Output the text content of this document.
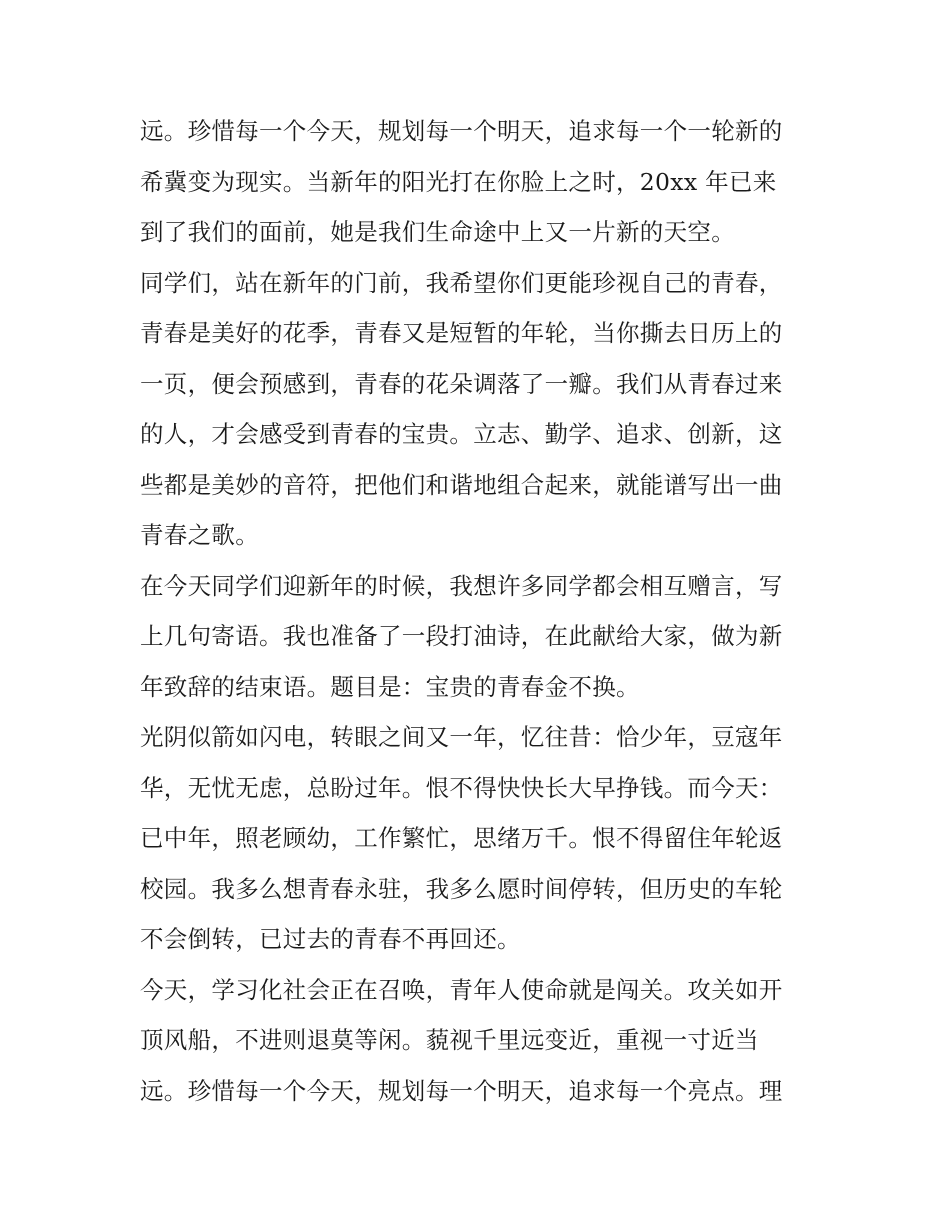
远。珍惜每一个今天，规划每一个明天，追求每一个一轮新的
希冀变为现实。当新年的阳光打在你脸上之时，20xx 年已来
到了我们的面前，她是我们生命途中上又一片新的天空。
同学们，站在新年的门前，我希望你们更能珍视自己的青春，
青春是美好的花季，青春又是短暂的年轮，当你撕去日历上的
一页，便会预感到，青春的花朵调落了一瓣。我们从青春过来
的人，才会感受到青春的宝贵。立志、勤学、追求、创新，这
些都是美妙的音符，把他们和谐地组合起来，就能谱写出一曲
青春之歌。
在今天同学们迎新年的时候，我想许多同学都会相互赠言，写
上几句寄语。我也准备了一段打油诗，在此献给大家，做为新
年致辞的结束语。题目是：宝贵的青春金不换。
光阴似箭如闪电，转眼之间又一年，忆往昔：恰少年，豆寇年
华，无忧无虑，总盼过年。恨不得快快长大早挣钱。而今天：
已中年，照老顾幼，工作繁忙，思绪万千。恨不得留住年轮返
校园。我多么想青春永驻，我多么愿时间停转，但历史的车轮
不会倒转，已过去的青春不再回还。
今天，学习化社会正在召唤，青年人使命就是闯关。攻关如开
顶风船，不进则退莫等闲。藐视千里远变近，重视一寸近当
远。珍惜每一个今天，规划每一个明天，追求每一个亮点。理
